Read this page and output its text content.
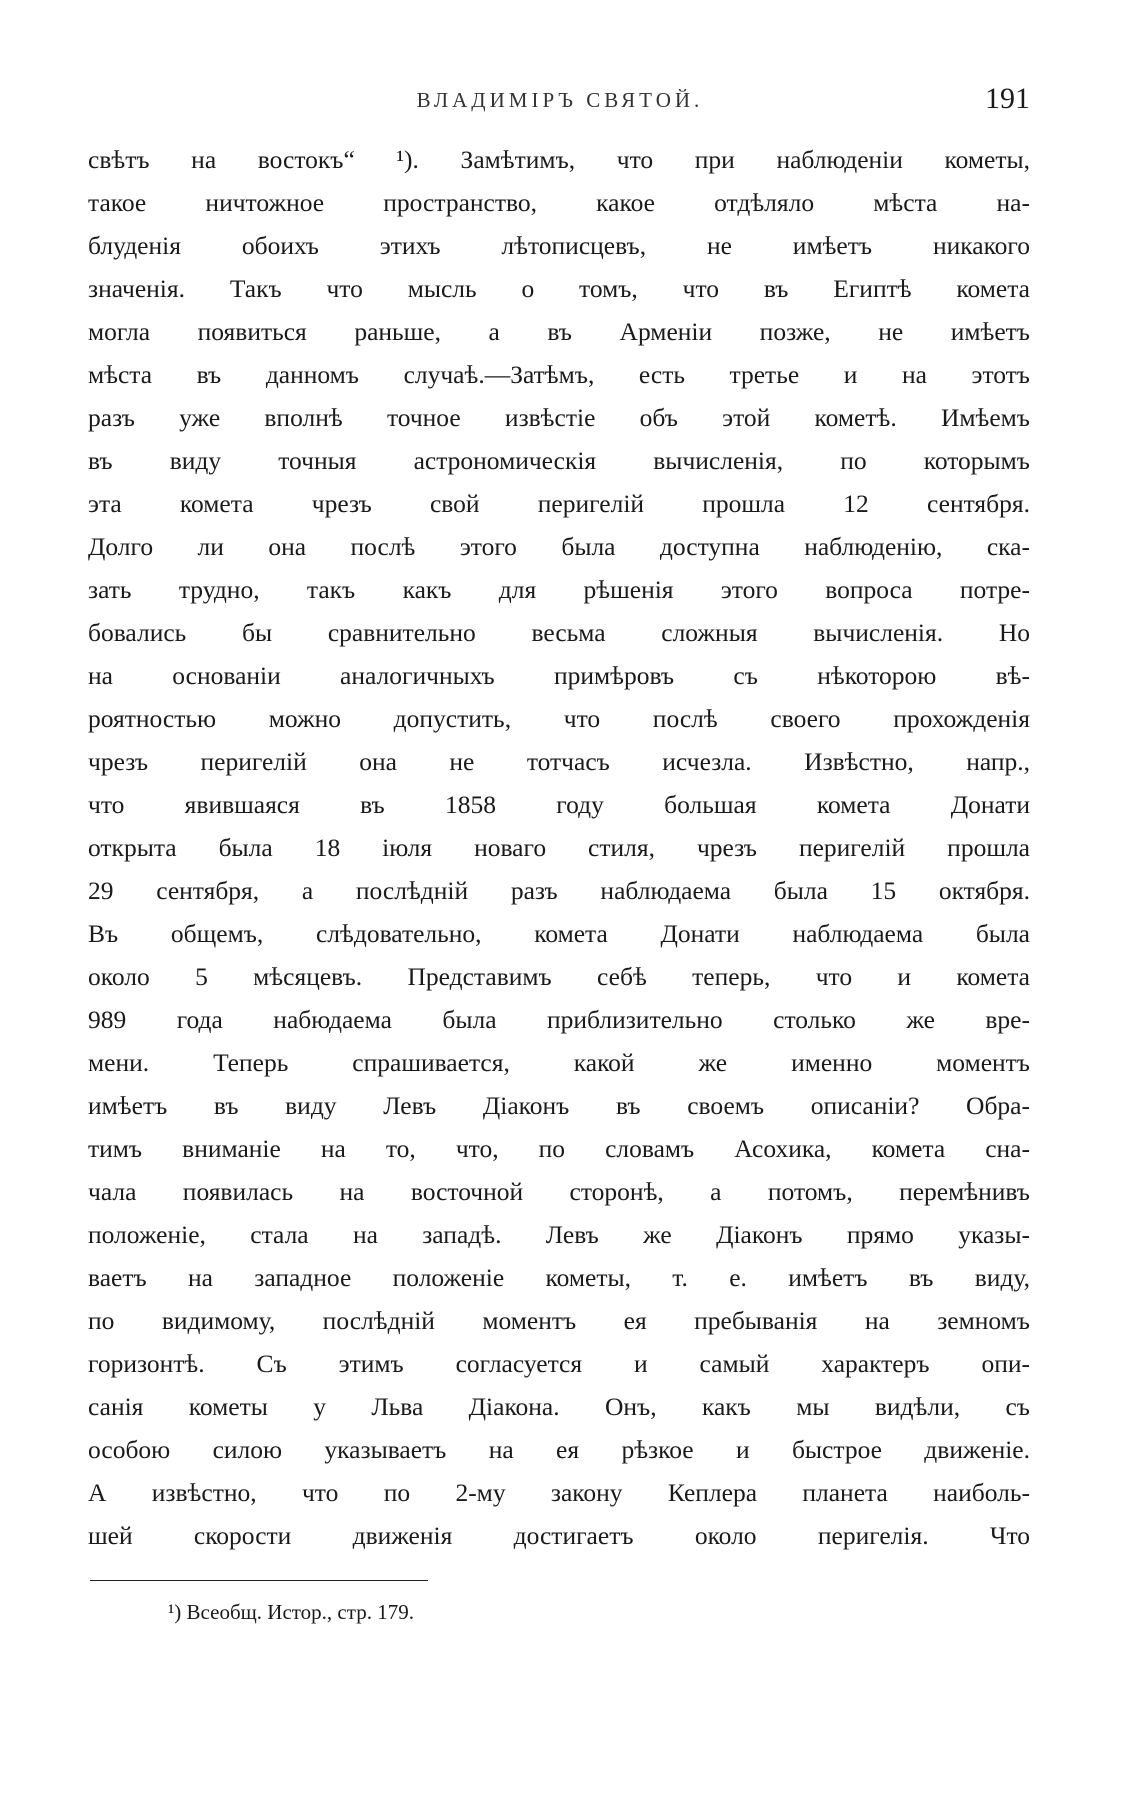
ВЛАДИМІРЪ СВЯТОЙ.	191
свѣтъ на востокъ“ ¹). Замѣтимъ, что при наблюденіи кометы,
такое ничтожное пространство, какое отдѣляло мѣста на-
блуденія обоихъ этихъ лѣтописцевъ, не имѣетъ никакого
значенія. Такъ что мысль о томъ, что въ Египтѣ комета
могла появиться раньше, а въ Арменіи позже, не имѣетъ
мѣста въ данномъ случаѣ.—Затѣмъ, есть третье и на этотъ
разъ уже вполнѣ точное извѣстіе объ этой кометѣ. Имѣемъ
въ виду точныя астрономическія вычисленія, по которымъ
эта комета чрезъ свой перигелій прошла 12 сентября.
Долго ли она послѣ этого была доступна наблюденію, ска-
зать трудно, такъ какъ для рѣшенія этого вопроса потре-
бовались бы сравнительно весьма сложныя вычисленія. Но
на основаніи аналогичныхъ примѣровъ съ нѣкоторою вѣ-
роятностью можно допустить, что послѣ своего прохожденія
чрезъ перигелій она не тотчасъ исчезла. Извѣстно, напр.,
что явившаяся въ 1858 году большая комета Донати
открыта была 18 іюля новаго стиля, чрезъ перигелій прошла
29 сентября, а послѣдній разъ наблюдаема была 15 октября.
Въ общемъ, слѣдовательно, комета Донати наблюдаема была
около 5 мѣсяцевъ. Представимъ себѣ теперь, что и комета
989 года набюдаема была приблизительно столько же вре-
мени. Теперь спрашивается, какой же именно моментъ
имѣетъ въ виду Левъ Діаконъ въ своемъ описаніи? Обра-
тимъ вниманіе на то, что, по словамъ Асохика, комета сна-
чала появилась на восточной сторонѣ, а потомъ, перемѣнивъ
положеніе, стала на западѣ. Левъ же Діаконъ прямо указы-
ваетъ на западное положеніе кометы, т. е. имѣетъ въ виду,
по видимому, послѣдній моментъ ея пребыванія на земномъ
горизонтѣ. Съ этимъ согласуется и самый характеръ опи-
санія кометы у Льва Діакона. Онъ, какъ мы видѣли, съ
особою силою указываетъ на ея рѣзкое и быстрое движеніе.
А извѣстно, что по 2-му закону Кеплера планета наиболь-
шей скорости движенія достигаетъ около перигелія. Что
¹) Всеобщ. Истор., стр. 179.
